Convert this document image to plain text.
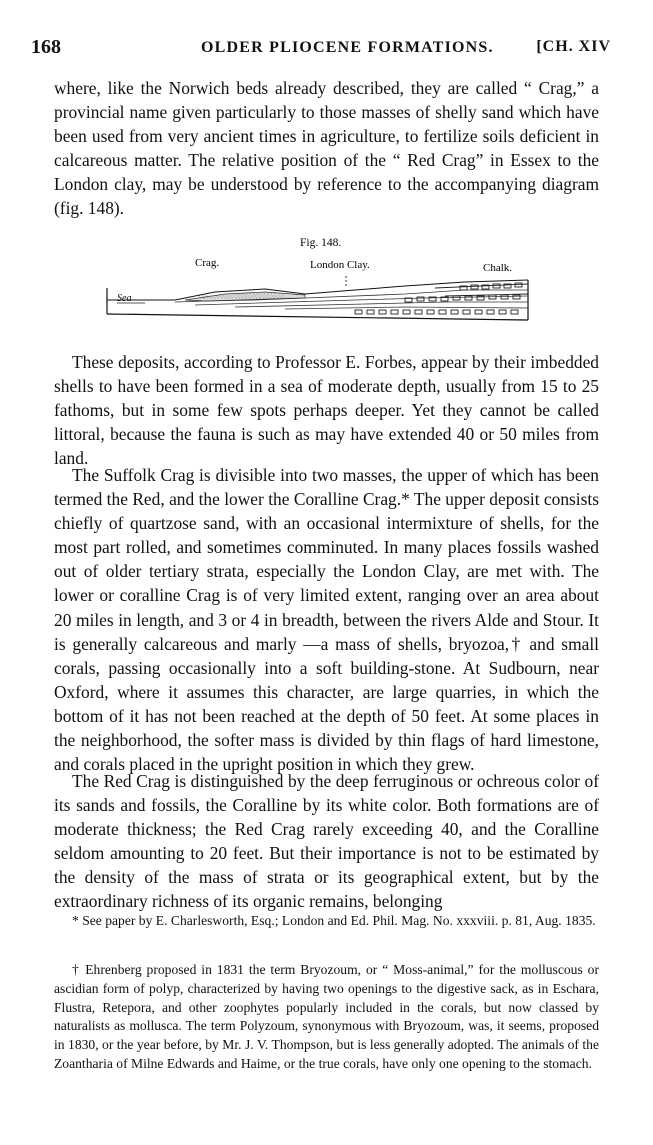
168	OLDER PLIOCENE FORMATIONS.	[CH. XIV

where, like the Norwich beds already described, they are called “ Crag,” a provincial name given particularly to those masses of shelly sand which have been used from very ancient times in agriculture, to fertilize soils deficient in calcareous matter. The relative position of the “ Red Crag” in Essex to the London clay, may be understood by reference to the accompanying diagram (fig. 148).

Fig. 148.
Crag.	London Clay.	Chalk.
Sea

These deposits, according to Professor E. Forbes, appear by their imbedded shells to have been formed in a sea of moderate depth, usually from 15 to 25 fathoms, but in some few spots perhaps deeper. Yet they cannot be called littoral, because the fauna is such as may have extended 40 or 50 miles from land.

The Suffolk Crag is divisible into two masses, the upper of which has been termed the Red, and the lower the Coralline Crag.* The upper deposit consists chiefly of quartzose sand, with an occasional intermixture of shells, for the most part rolled, and sometimes comminuted. In many places fossils washed out of older tertiary strata, especially the London Clay, are met with. The lower or coralline Crag is of very limited extent, ranging over an area about 20 miles in length, and 3 or 4 in breadth, between the rivers Alde and Stour. It is generally calcareous and marly —a mass of shells, bryozoa,† and small corals, passing occasionally into a soft building-stone. At Sudbourn, near Oxford, where it assumes this character, are large quarries, in which the bottom of it has not been reached at the depth of 50 feet. At some places in the neighborhood, the softer mass is divided by thin flags of hard limestone, and corals placed in the upright position in which they grew.

The Red Crag is distinguished by the deep ferruginous or ochreous color of its sands and fossils, the Coralline by its white color. Both formations are of moderate thickness; the Red Crag rarely exceeding 40, and the Coralline seldom amounting to 20 feet. But their importance is not to be estimated by the density of the mass of strata or its geographical extent, but by the extraordinary richness of its organic remains, belonging

* See paper by E. Charlesworth, Esq.; London and Ed. Phil. Mag. No. xxxviii. p. 81, Aug. 1835.

† Ehrenberg proposed in 1831 the term Bryozoum, or “ Moss-animal,” for the molluscous or ascidian form of polyp, characterized by having two openings to the digestive sack, as in Eschara, Flustra, Retepora, and other zoophytes popularly included in the corals, but now classed by naturalists as mollusca. The term Polyzoum, synonymous with Bryozoum, was, it seems, proposed in 1830, or the year before, by Mr. J. V. Thompson, but is less generally adopted. The animals of the Zoantharia of Milne Edwards and Haime, or the true corals, have only one opening to the stomach.
